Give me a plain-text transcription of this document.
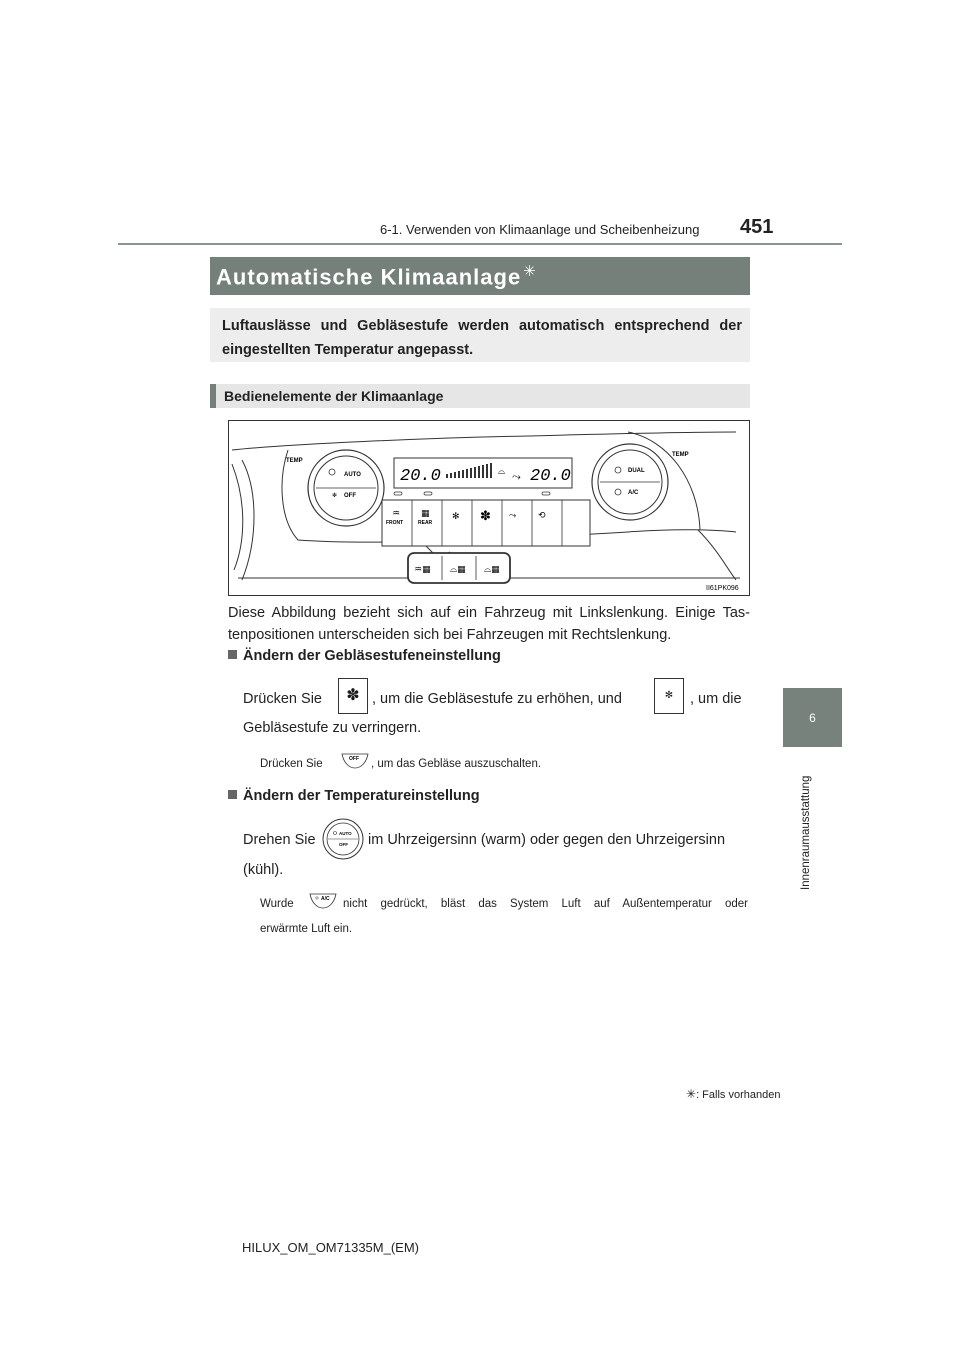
6-1. Verwenden von Klimaanlage und Scheibenheizung 451
6
Innenraumausstattung
Automatische Klimaanlage ✳
Luftauslässe und Gebläsestufe werden automatisch entsprechend der eingestellten Temperatur angepasst.
Bedienelemente der Klimaanlage
AUTO
✻ OFF
TEMP
DUAL
A/C
TEMP
20.0	20.0
⌓ ⤳
♒
FRONT
▦
REAR
✻ ✽ ⤳ ⟲
♒▦ ⌓▦ ⌓▦
II61PK096
Diese Abbildung bezieht sich auf ein Fahrzeug mit Linkslenkung. Einige Tas-tenpositionen unterscheiden sich bei Fahrzeugen mit Rechtslenkung.
Ändern der Gebläsestufeneinstellung
Drücken Sie	✽ , um die Gebläsestufe zu erhöhen, und	✻	, um die
Gebläsestufe zu verringern.
Drücken Sie	OFF , um das Gebläse auszuschalten.
Ändern der Temperatureinstellung
Drehen Sie	AUTO
OFF im Uhrzeigersinn (warm) oder gegen den Uhrzeigersinn
(kühl).
Wurde	A/C nicht gedrückt, bläst das System Luft auf Außentemperatur oder
erwärmte Luft ein.
✳: Falls vorhanden
HILUX_OM_OM71335M_(EM)
